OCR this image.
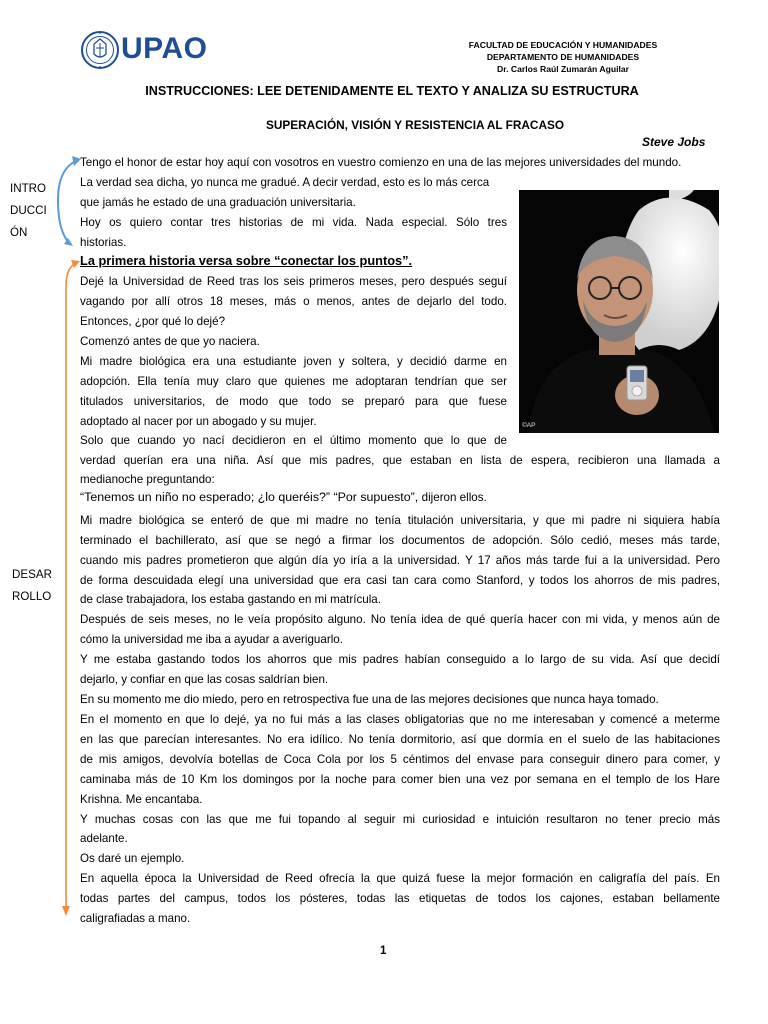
UPAO	FACULTAD DE EDUCACIÓN Y HUMANIDADES
DEPARTAMENTO DE HUMANIDADES
Dr. Carlos Raúl Zumarán Aguilar
INSTRUCCIONES: LEE DETENIDAMENTE EL TEXTO Y ANALIZA SU ESTRUCTURA
SUPERACIÓN, VISIÓN Y RESISTENCIA AL FRACASO
Steve Jobs
INTRO
DUCCI
ÓN
DESAR
ROLLO
©AP
Tengo el honor de estar hoy aquí con vosotros en vuestro comienzo en una de las mejores universidades del mundo.
La verdad sea dicha, yo nunca me gradué. A decir verdad, esto es lo más cerca
que jamás he estado de una graduación universitaria.
Hoy os quiero contar tres historias de mi vida. Nada especial. Sólo tres
historias.
La primera historia versa sobre “conectar los puntos”.
Dejé la Universidad de Reed tras los seis primeros meses, pero después seguí
vagando por allí otros 18 meses, más o menos, antes de dejarlo del todo.
Entonces, ¿por qué lo dejé?
Comenzó antes de que yo naciera.
Mi madre biológica era una estudiante joven y soltera, y decidió darme en
adopción. Ella tenía muy claro que quienes me adoptaran tendrían que ser
titulados universitarios, de modo que todo se preparó para que fuese
adoptado al nacer por un abogado y su mujer.
Solo que cuando yo nací decidieron en el último momento que lo que de
verdad querían era una niña. Así que mis padres, que estaban en lista de espera, recibieron una llamada a
medianoche preguntando:
“Tenemos un niño no esperado; ¿lo queréis?” “Por supuesto”, dijeron ellos.
Mi madre biológica se enteró de que mi madre no tenía titulación universitaria, y que mi padre ni siquiera había
terminado el bachillerato, así que se negó a firmar los documentos de adopción. Sólo cedió, meses más tarde,
cuando mis padres prometieron que algún día yo iría a la universidad. Y 17 años más tarde fui a la universidad. Pero
de forma descuidada elegí una universidad que era casi tan cara como Stanford, y todos los ahorros de mis padres,
de clase trabajadora, los estaba gastando en mi matrícula.
Después de seis meses, no le veía propósito alguno. No tenía idea de qué quería hacer con mi vida, y menos aún de
cómo la universidad me iba a ayudar a averiguarlo.
Y me estaba gastando todos los ahorros que mis padres habían conseguido a lo largo de su vida. Así que decidí
dejarlo, y confiar en que las cosas saldrían bien.
En su momento me dio miedo, pero en retrospectiva fue una de las mejores decisiones que nunca haya tomado.
En el momento en que lo dejé, ya no fui más a las clases obligatorias que no me interesaban y comencé a meterme
en las que parecían interesantes. No era idílico. No tenía dormitorio, así que dormía en el suelo de las habitaciones
de mis amigos, devolvía botellas de Coca Cola por los 5 céntimos del envase para conseguir dinero para comer, y
caminaba más de 10 Km los domingos por la noche para comer bien una vez por semana en el templo de los Hare
Krishna. Me encantaba.
Y muchas cosas con las que me fui topando al seguir mi curiosidad e intuición resultaron no tener precio más
adelante.
Os daré un ejemplo.
En aquella época la Universidad de Reed ofrecía la que quizá fuese la mejor formación en caligrafía del país. En
todas partes del campus, todos los pósteres, todas las etiquetas de todos los cajones, estaban bellamente
caligrafiadas a mano.
1
